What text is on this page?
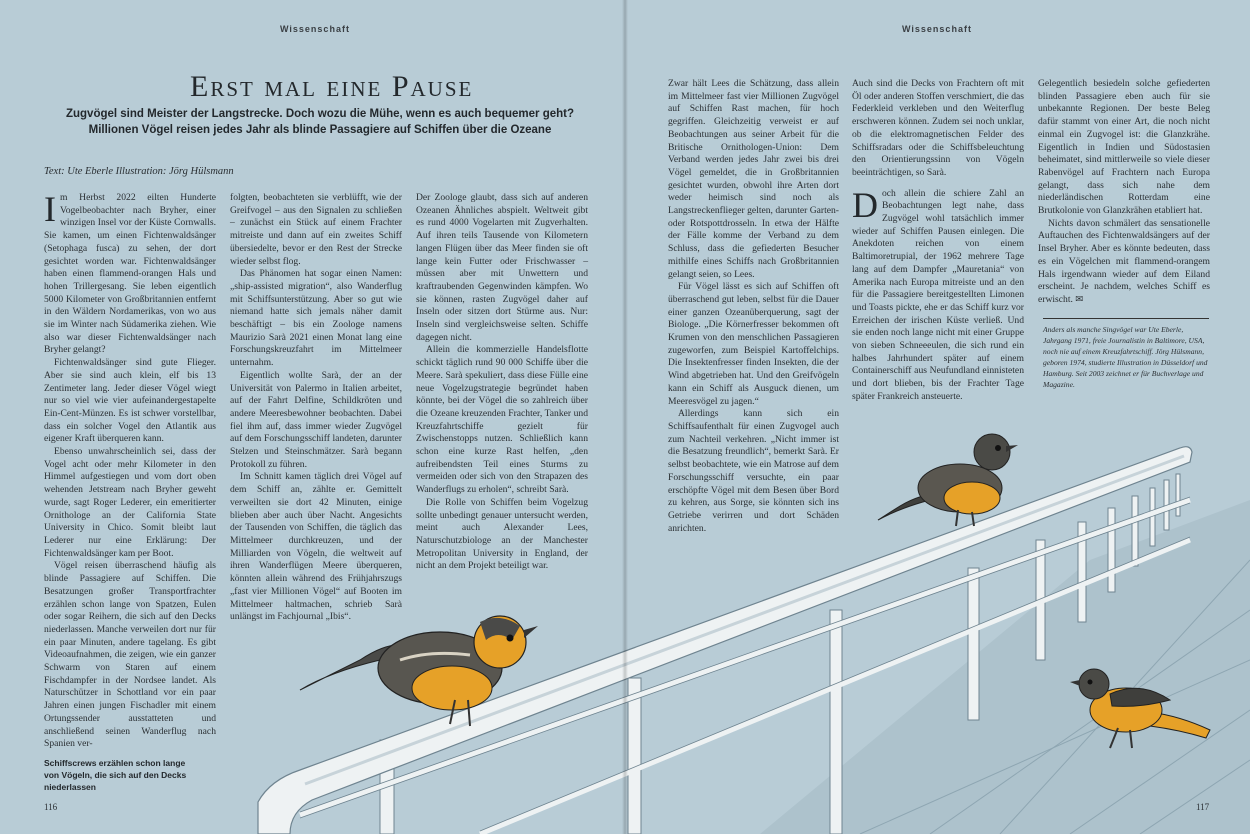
Wissenschaft	Wissenschaft
Erst mal eine Pause
Zugvögel sind Meister der Langstrecke. Doch wozu die Mühe, wenn es auch bequemer geht? Millionen Vögel reisen jedes Jahr als blinde Passagiere auf Schiffen über die Ozeane
Text: Ute Eberle Illustration: Jörg Hülsmann

Im Herbst 2022 eilten Hunderte Vogelbeobachter nach Bryher, einer winzigen Insel vor der Küste Cornwalls. Sie kamen, um einen Fichtenwaldsänger (Setophaga fusca) zu sehen, der dort gesichtet worden war. Fichtenwaldsänger haben einen flammend-orangen Hals und hohen Trillergesang. Sie leben eigentlich 5000 Kilometer von Großbritannien entfernt in den Wäldern Nordamerikas, von wo aus sie im Winter nach Südamerika ziehen. Wie also war dieser Fichtenwaldsänger nach Bryher gelangt?

Fichtenwaldsänger sind gute Flieger. Aber sie sind auch klein, elf bis 13 Zentimeter lang. Jeder dieser Vögel wiegt nur so viel wie vier aufeinandergestapelte Ein-Cent-Münzen. Es ist schwer vorstellbar, dass ein solcher Vogel den Atlantik aus eigener Kraft überqueren kann.

Ebenso unwahrscheinlich sei, dass der Vogel acht oder mehr Kilometer in den Himmel aufgestiegen und vom dort oben wehenden Jetstream nach Bryher geweht wurde, sagt Roger Lederer, ein emeritierter Ornithologe an der California State University in Chico. Somit bleibt laut Lederer nur eine Erklärung: Der Fichtenwaldsänger kam per Boot.

Vögel reisen überraschend häufig als blinde Passagiere auf Schiffen. Die Besatzungen großer Transportfrachter erzählen schon lange von Spatzen, Eulen oder sogar Reihern, die sich auf den Decks niederlassen. Manche verweilen dort nur für ein paar Minuten, andere tagelang. Es gibt Videoaufnahmen, die zeigen, wie ein ganzer Schwarm von Staren auf einem Fischdampfer in der Nordsee landet. Als Naturschützer in Schottland vor ein paar Jahren einen jungen Fischadler mit einem Ortungssender ausstatteten und anschließend seinen Wanderflug nach Spanien ver-

folgten, beobachteten sie verblüfft, wie der Greifvogel – aus den Signalen zu schließen – zunächst ein Stück auf einem Frachter mitreiste und dann auf ein zweites Schiff übersiedelte, bevor er den Rest der Strecke wieder selbst flog.

Das Phänomen hat sogar einen Namen: „ship-assisted migration“, also Wanderflug mit Schiffsunterstützung. Aber so gut wie niemand hatte sich jemals näher damit beschäftigt – bis ein Zoologe namens Maurizio Sarà 2021 einen Monat lang eine Forschungskreuzfahrt im Mittelmeer unternahm.

Eigentlich wollte Sarà, der an der Universität von Palermo in Italien arbeitet, auf der Fahrt Delfine, Schildkröten und andere Meeresbewohner beobachten. Dabei fiel ihm auf, dass immer wieder Zugvögel auf dem Forschungsschiff landeten, darunter Stelzen und Steinschmätzer. Sarà begann Protokoll zu führen.

Im Schnitt kamen täglich drei Vögel auf dem Schiff an, zählte er. Gemittelt verweilten sie dort 42 Minuten, einige blieben aber auch über Nacht. Angesichts der Tausenden von Schiffen, die täglich das Mittelmeer durchkreuzen, und der Milliarden von Vögeln, die weltweit auf ihren Wanderflügen Meere überqueren, könnten allein während des Frühjahrszugs „fast vier Millionen Vögel“ auf Booten im Mittelmeer haltmachen, schrieb Sarà unlängst im Fachjournal „Ibis“.

Der Zoologe glaubt, dass sich auf anderen Ozeanen Ähnliches abspielt. Weltweit gibt es rund 4000 Vogelarten mit Zugverhalten. Auf ihren teils Tausende von Kilometern langen Flügen über das Meer finden sie oft lange kein Futter oder Frischwasser – müssen aber mit Unwettern und kraftraubenden Gegenwinden kämpfen. Wo sie können, rasten Zugvögel daher auf Inseln oder sitzen dort Stürme aus. Nur: Inseln sind vergleichsweise selten. Schiffe dagegen nicht.

Allein die kommerzielle Handelsflotte schickt täglich rund 90 000 Schiffe über die Meere. Sarà spekuliert, dass diese Fülle eine neue Vogelzugstrategie begründet haben könnte, bei der Vögel die so zahlreich über die Ozeane kreuzenden Frachter, Tanker und Kreuzfahrtschiffe gezielt für Zwischenstopps nutzen. Schließlich kann schon eine kurze Rast helfen, „den aufreibendsten Teil eines Sturms zu vermeiden oder sich von den Strapazen des Wanderflugs zu erholen“, schreibt Sarà.

Die Rolle von Schiffen beim Vogelzug sollte unbedingt genauer untersucht werden, meint auch Alexander Lees, Naturschutzbiologe an der Manchester Metropolitan University in England, der nicht an dem Projekt beteiligt war.

Zwar hält Lees die Schätzung, dass allein im Mittelmeer fast vier Millionen Zugvögel auf Schiffen Rast machen, für hoch gegriffen. Gleichzeitig verweist er auf Beobachtungen aus seiner Arbeit für die Britische Ornithologen-Union: Dem Verband werden jedes Jahr zwei bis drei Vögel gemeldet, die in Großbritannien gesichtet wurden, obwohl ihre Arten dort weder heimisch sind noch als Langstreckenflieger gelten, darunter Garten- oder Rotspottdrosseln. In etwa der Hälfte der Fälle komme der Verband zu dem Schluss, dass die gefiederten Besucher mithilfe eines Schiffs nach Großbritannien gelangt seien, so Lees.

Für Vögel lässt es sich auf Schiffen oft überraschend gut leben, selbst für die Dauer einer ganzen Ozeanüberquerung, sagt der Biologe. „Die Körnerfresser bekommen oft Krumen von den menschlichen Passagieren zugeworfen, zum Beispiel Kartoffelchips. Die Insektenfresser finden Insekten, die der Wind abgetrieben hat. Und den Greifvögeln kann ein Schiff als Ausguck dienen, um Meeresvögel zu jagen.“

Allerdings kann sich ein Schiffsaufenthalt für einen Zugvogel auch zum Nachteil verkehren. „Nicht immer ist die Besatzung freundlich“, bemerkt Sarà. Er selbst beobachtete, wie ein Matrose auf dem Forschungsschiff versuchte, ein paar erschöpfte Vögel mit dem Besen über Bord zu kehren, aus Sorge, sie könnten sich ins Getriebe verirren und dort Schäden anrichten.

Auch sind die Decks von Frachtern oft mit Öl oder anderen Stoffen verschmiert, die das Federkleid verkleben und den Weiterflug erschweren können. Zudem sei noch unklar, ob die elektromagnetischen Felder des Schiffsradars oder die Schiffsbeleuchtung den Orientierungssinn von Vögeln beeinträchtigen, so Sarà.

Doch allein die schiere Zahl an Beobachtungen legt nahe, dass Zugvögel wohl tatsächlich immer wieder auf Schiffen Pausen einlegen. Die Anekdoten reichen von einem Baltimoretrupial, der 1962 mehrere Tage lang auf dem Dampfer „Mauretania“ von Amerika nach Europa mitreiste und an den für die Passagiere bereitgestellten Limonen und Toasts pickte, ehe er das Schiff kurz vor Erreichen der irischen Küste verließ. Und sie enden noch lange nicht mit einer Gruppe von sieben Schneeeulen, die sich rund ein halbes Jahrhundert später auf einem Containerschiff aus Neufundland einnisteten und dort blieben, bis der Frachter Tage später Frankreich ansteuerte.

Gelegentlich besiedeln solche gefiederten blinden Passagiere eben auch für sie unbekannte Regionen. Der beste Beleg dafür stammt von einer Art, die noch nicht einmal ein Zugvogel ist: die Glanzkrähe. Eigentlich in Indien und Südostasien beheimatet, sind mittlerweile so viele dieser Rabenvögel auf Frachtern nach Europa gelangt, dass sich nahe dem niederländischen Rotterdam eine Brutkolonie von Glanzkrähen etabliert hat.

Nichts davon schmälert das sensationelle Auftauchen des Fichtenwaldsängers auf der Insel Bryher. Aber es könnte bedeuten, dass es ein Vögelchen mit flammend-orangem Hals irgendwann wieder auf dem Eiland erscheint. Je nachdem, welches Schiff es erwischt. ✉

Anders als manche Singvögel war Ute Eberle, Jahrgang 1971, freie Journalistin in Baltimore, USA, noch nie auf einem Kreuzfahrtschiff. Jörg Hülsmann, geboren 1974, studierte Illustration in Düsseldorf und Hamburg. Seit 2003 zeichnet er für Buchverlage und Magazine.
Schiffscrews erzählen schon lange von Vögeln, die sich auf den Decks niederlassen
116	117
